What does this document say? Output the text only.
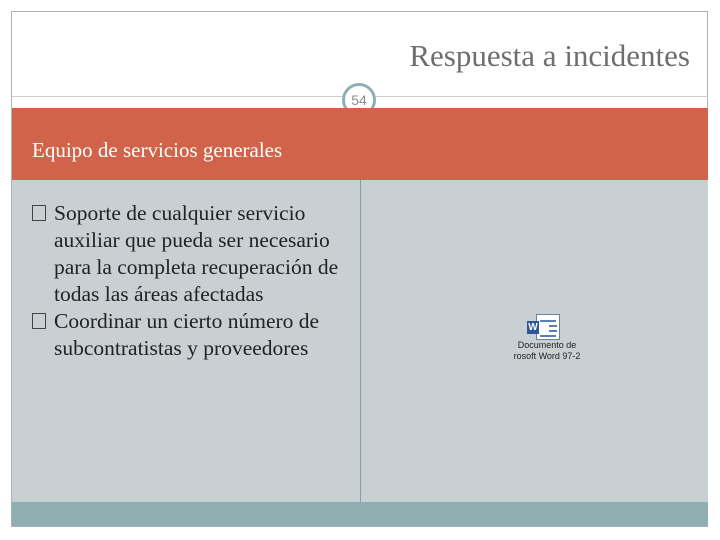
Respuesta a incidentes
54
Equipo de servicios generales
Soporte de cualquier servicio auxiliar que pueda ser necesario para la completa recuperación de todas las áreas afectadas
Coordinar un cierto número de subcontratistas y proveedores
W
Documento de
rosoft Word 97-2
